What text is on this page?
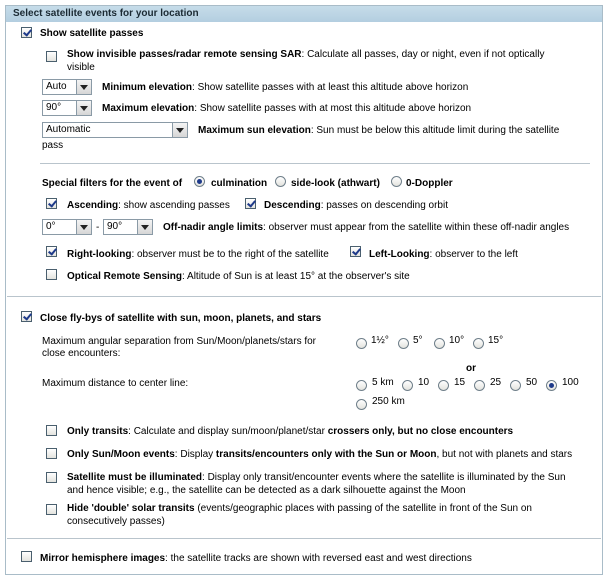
Select satellite events for your location
Show satellite passes
Show invisible passes/radar remote sensing SAR: Calculate all passes, day or night, even if not optically
visible
Auto	Minimum elevation: Show satellite passes with at least this altitude above horizon
90°	Maximum elevation: Show satellite passes with at most this altitude above horizon
Automatic	Maximum sun elevation: Sun must be below this altitude limit during the satellite
pass
Special filters for the event of	culmination side-look (athwart)	0-Doppler
Ascending: show ascending passes	Descending: passes on descending orbit
0°	- 90°	Off-nadir angle limits: observer must appear from the satellite within these off-nadir angles
Right-looking: observer must be to the right of the satellite	Left-Looking: observer to the left
Optical Remote Sensing: Altitude of Sun is at least 15° at the observer's site
Close fly-bys of satellite with sun, moon, planets, and stars
Maximum angular separation from Sun/Moon/planets/stars for
close encounters:
1½° 5°	10° 15°
or
Maximum distance to center line:	5 km 10 15 25 50 100
250 km
Only transits: Calculate and display sun/moon/planet/star crossers only, but no close encounters
Only Sun/Moon events: Display transits/encounters only with the Sun or Moon, but not with planets and stars
Satellite must be illuminated: Display only transit/encounter events where the satellite is illuminated by the Sun
and hence visible; e.g., the satellite can be detected as a dark silhouette against the Moon
Hide 'double' solar transits (events/geographic places with passing of the satellite in front of the Sun on
consecutively passes)
Mirror hemisphere images: the satellite tracks are shown with reversed east and west directions
